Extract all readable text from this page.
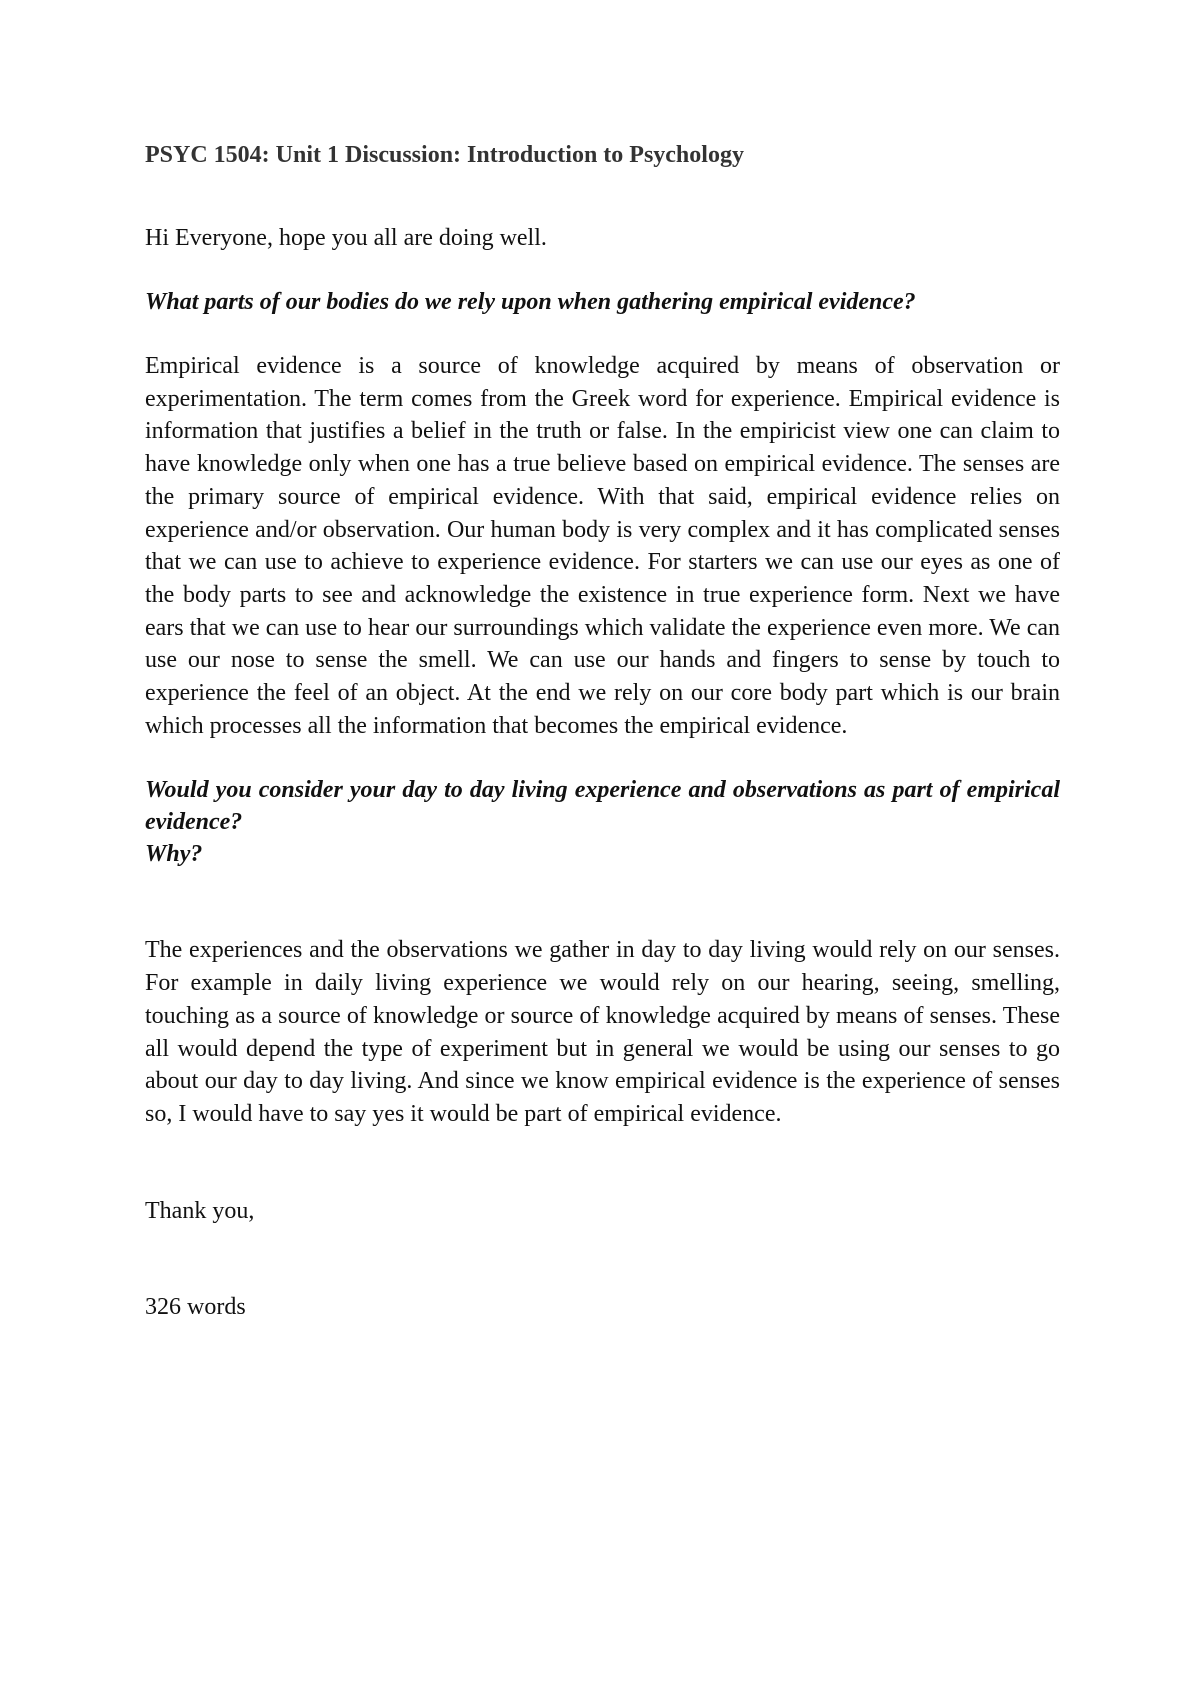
PSYC 1504: Unit 1 Discussion: Introduction to Psychology

Hi Everyone, hope you all are doing well.

What parts of our bodies do we rely upon when gathering empirical evidence?

Empirical evidence is a source of knowledge acquired by means of observation or experimentation. The term comes from the Greek word for experience. Empirical evidence is information that justifies a belief in the truth or false. In the empiricist view one can claim to have knowledge only when one has a true believe based on empirical evidence. The senses are the primary source of empirical evidence. With that said, empirical evidence relies on experience and/or observation. Our human body is very complex and it has complicated senses that we can use to achieve to experience evidence. For starters we can use our eyes as one of the body parts to see and acknowledge the existence in true experience form. Next we have ears that we can use to hear our surroundings which validate the experience even more. We can use our nose to sense the smell. We can use our hands and fingers to sense by touch to experience the feel of an object. At the end we rely on our core body part which is our brain which processes all the information that becomes the empirical evidence.

Would you consider your day to day living experience and observations as part of empirical evidence?
Why?

The experiences and the observations we gather in day to day living would rely on our senses. For example in daily living experience we would rely on our hearing, seeing, smelling, touching as a source of knowledge or source of knowledge acquired by means of senses. These all would depend the type of experiment but in general we would be using our senses to go about our day to day living. And since we know empirical evidence is the experience of senses so, I would have to say yes it would be part of empirical evidence.

Thank you,

326 words
